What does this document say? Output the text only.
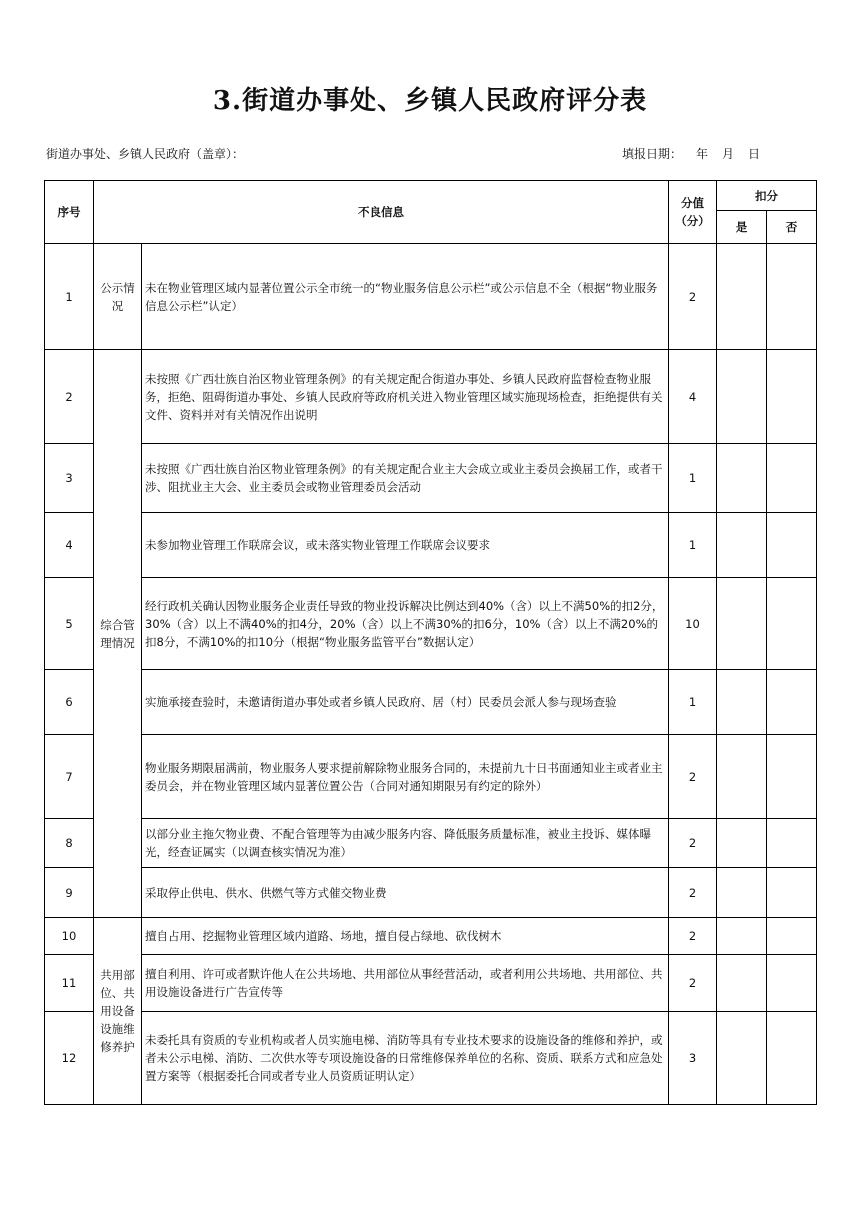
3.街道办事处、乡镇人民政府评分表
街道办事处、乡镇人民政府（盖章）：	填报日期： 年 月 日
序号	不良信息		分值（分）	扣分	
				是	否
1	公示情况	未在物业管理区域内显著位置公示全市统一的“物业服务信息公示栏”或公示信息不全（根据“物业服务信息公示栏”认定）	2		
2	综合管理情况	未按照《广西壮族自治区物业管理条例》的有关规定配合街道办事处、乡镇人民政府监督检查物业服务，拒绝、阻碍街道办事处、乡镇人民政府等政府机关进入物业管理区域实施现场检查，拒绝提供有关文件、资料并对有关情况作出说明	4		
3		未按照《广西壮族自治区物业管理条例》的有关规定配合业主大会成立或业主委员会换届工作，或者干涉、阻扰业主大会、业主委员会或物业管理委员会活动	1		
4		未参加物业管理工作联席会议，或未落实物业管理工作联席会议要求	1		
5		经行政机关确认因物业服务企业责任导致的物业投诉解决比例达到40%（含）以上不满50%的扣2分，30%（含）以上不满40%的扣4分，20%（含）以上不满30%的扣6分，10%（含）以上不满20%的扣8分，不满10%的扣10分（根据“物业服务监管平台”数据认定）	10		
6		实施承接查验时，未邀请街道办事处或者乡镇人民政府、居（村）民委员会派人参与现场查验	1		
7		物业服务期限届满前，物业服务人要求提前解除物业服务合同的，未提前九十日书面通知业主或者业主委员会，并在物业管理区域内显著位置公告（合同对通知期限另有约定的除外）	2		
8		以部分业主拖欠物业费、不配合管理等为由减少服务内容、降低服务质量标准，被业主投诉、媒体曝光，经查证属实（以调查核实情况为准）	2		
9		采取停止供电、供水、供燃气等方式催交物业费	2		
10	共用部位、共用设备设施维修养护	擅自占用、挖掘物业管理区域内道路、场地，擅自侵占绿地、砍伐树木	2		
11		擅自利用、许可或者默许他人在公共场地、共用部位从事经营活动，或者利用公共场地、共用部位、共用设施设备进行广告宣传等	2		
12		未委托具有资质的专业机构或者人员实施电梯、消防等具有专业技术要求的设施设备的维修和养护，或者未公示电梯、消防、二次供水等专项设施设备的日常维修保养单位的名称、资质、联系方式和应急处置方案等（根据委托合同或者专业人员资质证明认定）	3		
